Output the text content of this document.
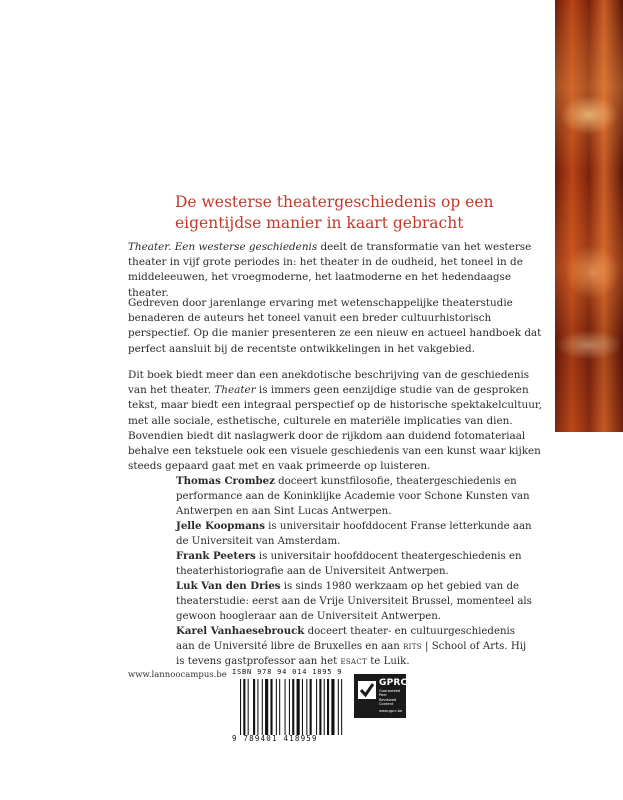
De westerse theatergeschiedenis op een
eigentijdse manier in kaart gebracht

Theater. Een westerse geschiedenis deelt de transformatie van het westerse theater in vijf grote periodes in: het theater in de oudheid, het toneel in de middeleeuwen, het vroegmoderne, het laatmoderne en het hedendaagse theater.

Gedreven door jarenlange ervaring met wetenschappelijke theaterstudie benaderen de auteurs het toneel vanuit een breder cultuurhistorisch perspectief. Op die manier presenteren ze een nieuw en actueel handboek dat perfect aansluit bij de recentste ontwikkelingen in het vakgebied.

Dit boek biedt meer dan een anekdotische beschrijving van de geschiedenis van het theater. Theater is immers geen eenzijdige studie van de gesproken tekst, maar biedt een integraal perspectief op de historische spektakelcultuur, met alle sociale, esthetische, culturele en materiële implicaties van dien. Bovendien biedt dit naslagwerk door de rijkdom aan duidend fotomateriaal behalve een tekstuele ook een visuele geschiedenis van een kunst waar kijken steeds gepaard gaat met en vaak primeerde op luisteren.

Thomas Crombez doceert kunstfilosofie, theatergeschiedenis en performance aan de Koninklijke Academie voor Schone Kunsten van Antwerpen en aan Sint Lucas Antwerpen.
Jelle Koopmans is universitair hoofddocent Franse letterkunde aan de Universiteit van Amsterdam.
Frank Peeters is universitair hoofddocent theatergeschiedenis en theaterhistoriografie aan de Universiteit Antwerpen.
Luk Van den Dries is sinds 1980 werkzaam op het gebied van de theaterstudie: eerst aan de Vrije Universiteit Brussel, momenteel als gewoon hoogleraar aan de Universiteit Antwerpen.
Karel Vanhaesebrouck doceert theater- en cultuurgeschiedenis aan de Université libre de Bruxelles en aan rits | School of Arts. Hij is tevens gastprofessor aan het esact te Luik.
www.lannoocampus.be ISBN 978 94 014 1895 9
9 789401 418959
GPRC
Guaranteed Peer Reviewed Content
www.gprc.be
